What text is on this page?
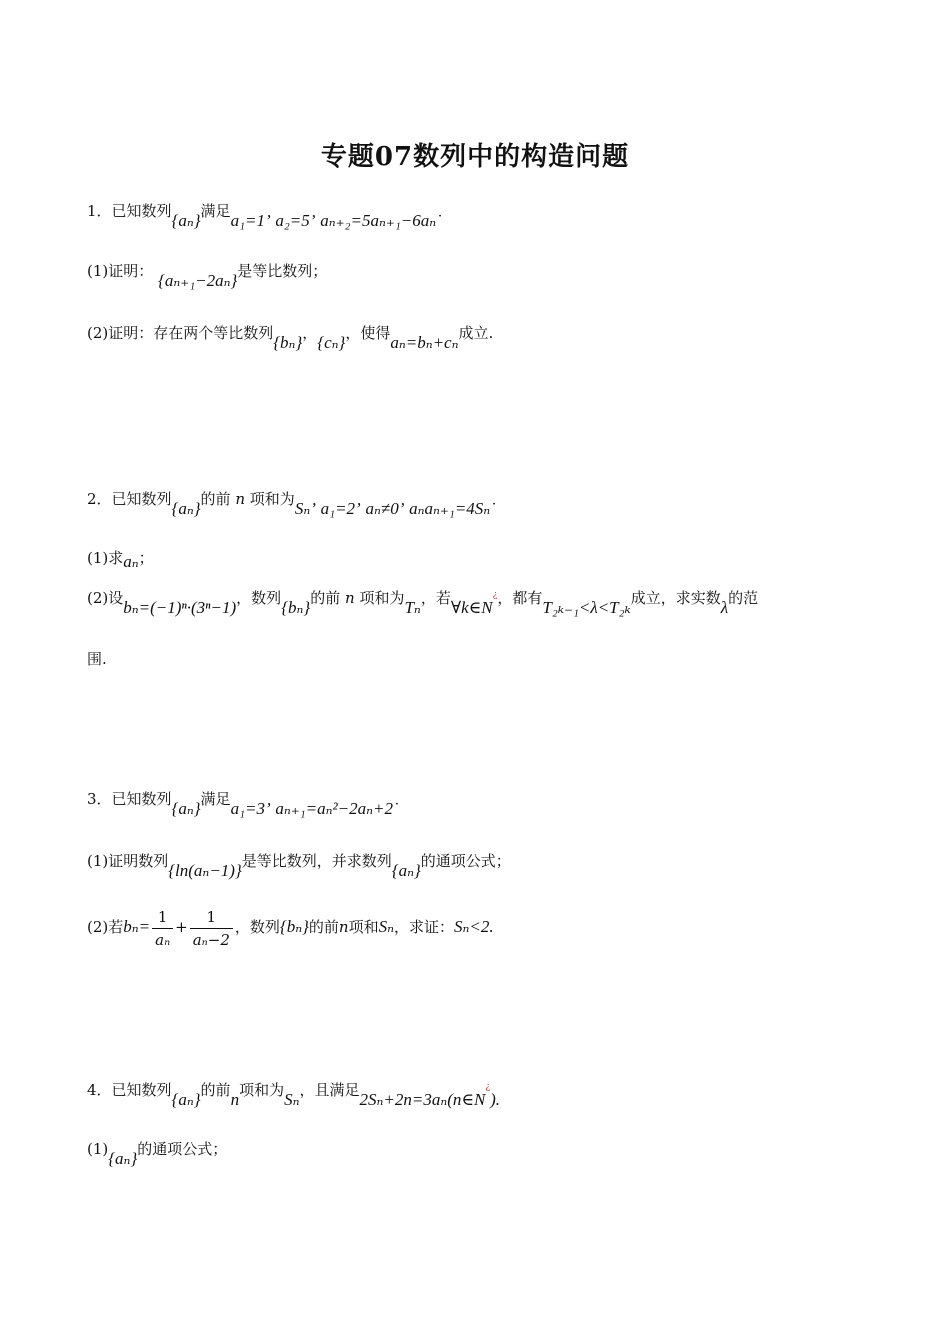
专题07数列中的构造问题
1．已知数列{aₙ}满足a₁=1’ a₂=5’ aₙ₊₂=5aₙ₊₁−6aₙ˙
(1)证明： {aₙ₊₁−2aₙ}是等比数列；
(2)证明：存在两个等比数列{bₙ}，{cₙ}，使得aₙ=bₙ+cₙ成立.
2．已知数列{aₙ}的前 n 项和为Sₙ’ a₁=2’ aₙ≠0’ aₙaₙ₊₁=4Sₙ˙
(1)求aₙ；
(2)设bₙ=(−1)ⁿ·(3ⁿ−1)，数列{bₙ}的前 n 项和为Tₙ，若∀k∈N¿，都有T₂ₖ₋₁<λ<T₂ₖ成立，求实数λ的范
围.
3．已知数列{aₙ}满足a₁=3’ aₙ₊₁=aₙ²−2aₙ+2˙
(1)证明数列{ln(aₙ−1)}是等比数列，并求数列{aₙ}的通项公式；
(2)若$b_n= \frac{1}{\text{aₙ}} + \frac{1}{\text{aₙ−2}}$ ，数列{bₙ}的前n项和Sₙ，求证：Sₙ<2.
4．已知数列{aₙ}的前n项和为Sₙ，且满足2Sₙ+2n=3aₙ(n∈N¿).
(1){aₙ}的通项公式；
